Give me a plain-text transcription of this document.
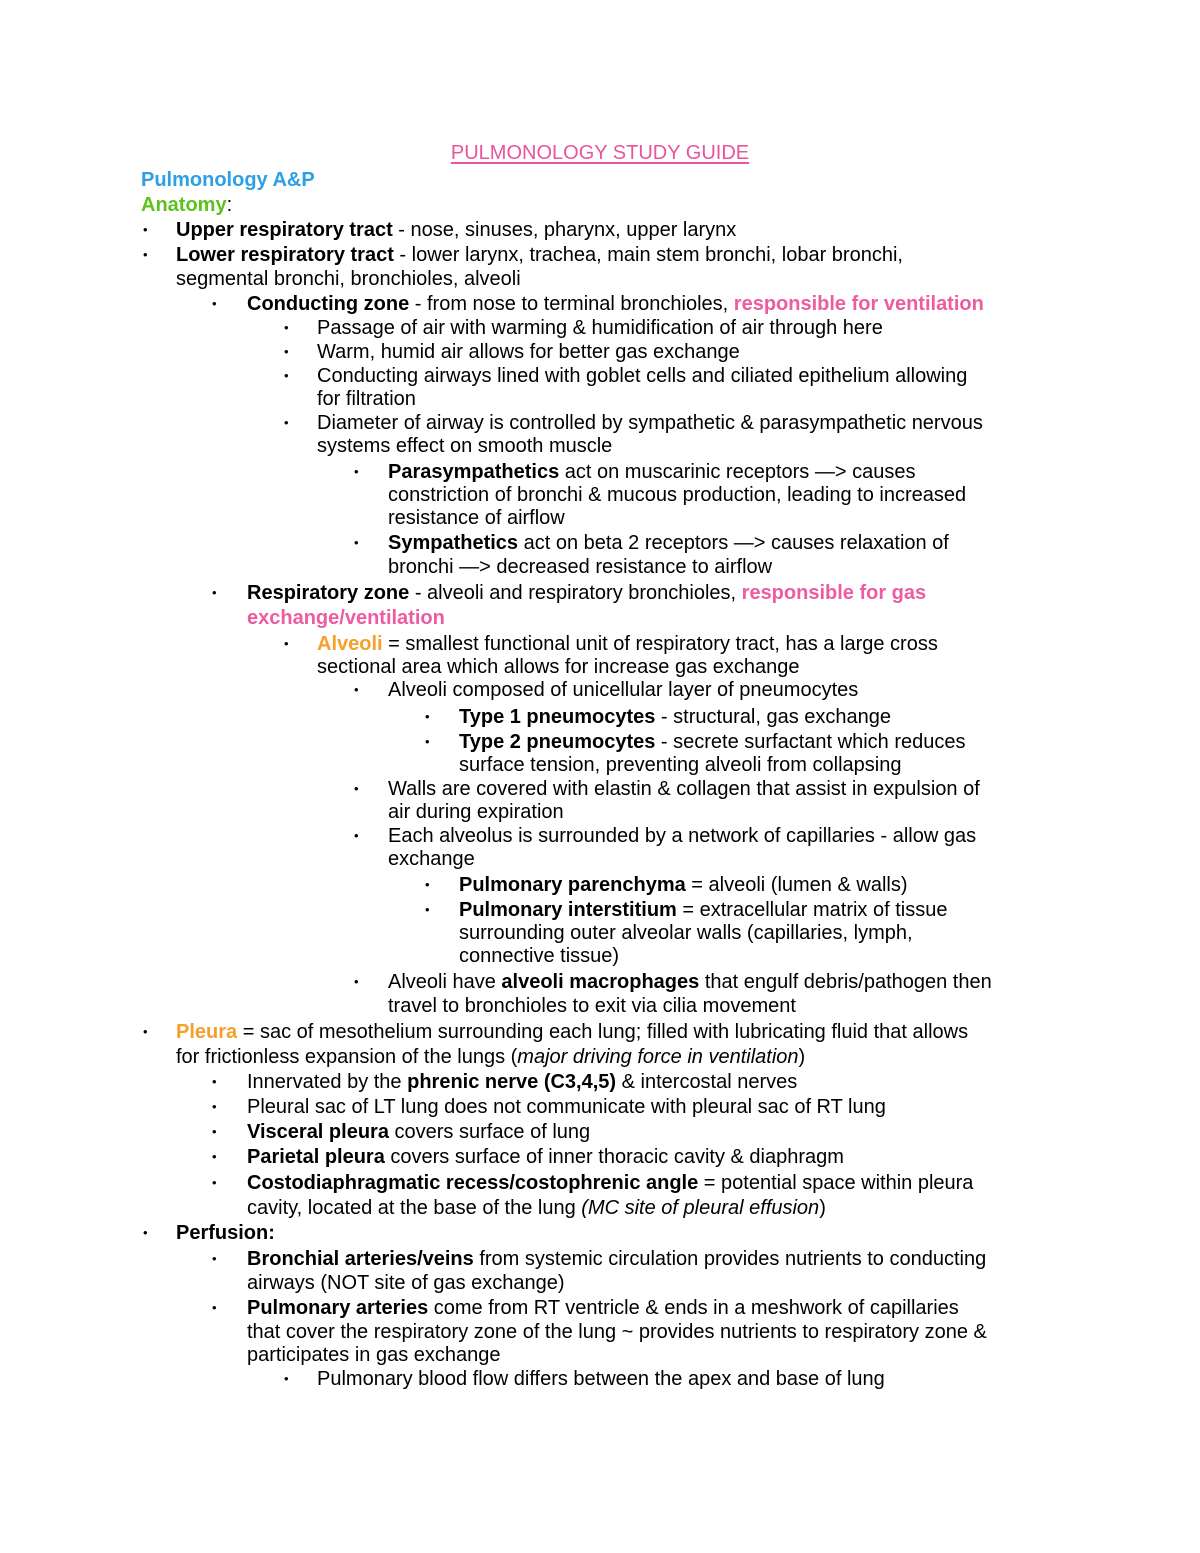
PULMONOLOGY STUDY GUIDE
Pulmonology A&P
Anatomy:
• Upper respiratory tract - nose, sinuses, pharynx, upper larynx
• Lower respiratory tract - lower larynx, trachea, main stem bronchi, lobar bronchi,
segmental bronchi, bronchioles, alveoli
• Conducting zone - from nose to terminal bronchioles, responsible for ventilation
• Passage of air with warming & humidification of air through here
• Warm, humid air allows for better gas exchange
• Conducting airways lined with goblet cells and ciliated epithelium allowing
for filtration
• Diameter of airway is controlled by sympathetic & parasympathetic nervous
systems effect on smooth muscle
• Parasympathetics act on muscarinic receptors —> causes
constriction of bronchi & mucous production, leading to increased
resistance of airflow
• Sympathetics act on beta 2 receptors —> causes relaxation of
bronchi —> decreased resistance to airflow
• Respiratory zone - alveoli and respiratory bronchioles, responsible for gas
exchange/ventilation
• Alveoli = smallest functional unit of respiratory tract, has a large cross
sectional area which allows for increase gas exchange
• Alveoli composed of unicellular layer of pneumocytes
• Type 1 pneumocytes - structural, gas exchange
• Type 2 pneumocytes - secrete surfactant which reduces
surface tension, preventing alveoli from collapsing
• Walls are covered with elastin & collagen that assist in expulsion of
air during expiration
• Each alveolus is surrounded by a network of capillaries - allow gas
exchange
• Pulmonary parenchyma = alveoli (lumen & walls)
• Pulmonary interstitium = extracellular matrix of tissue
surrounding outer alveolar walls (capillaries, lymph,
connective tissue)
• Alveoli have alveoli macrophages that engulf debris/pathogen then
travel to bronchioles to exit via cilia movement
• Pleura = sac of mesothelium surrounding each lung; filled with lubricating fluid that allows
for frictionless expansion of the lungs (major driving force in ventilation)
• Innervated by the phrenic nerve (C3,4,5) & intercostal nerves
• Pleural sac of LT lung does not communicate with pleural sac of RT lung
• Visceral pleura covers surface of lung
• Parietal pleura covers surface of inner thoracic cavity & diaphragm
• Costodiaphragmatic recess/costophrenic angle = potential space within pleura
cavity, located at the base of the lung (MC site of pleural effusion)
• Perfusion:
• Bronchial arteries/veins from systemic circulation provides nutrients to conducting
airways (NOT site of gas exchange)
• Pulmonary arteries come from RT ventricle & ends in a meshwork of capillaries
that cover the respiratory zone of the lung ~ provides nutrients to respiratory zone &
participates in gas exchange
• Pulmonary blood flow differs between the apex and base of lung
